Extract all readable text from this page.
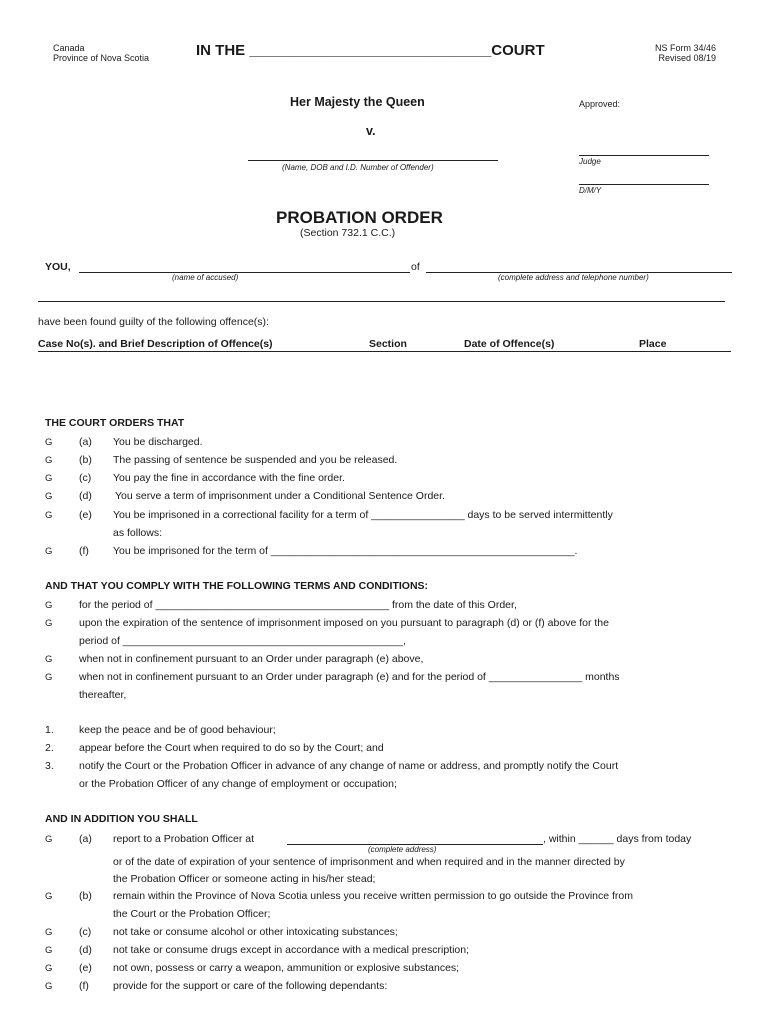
Canada
Province of Nova Scotia	IN THE _____________________________COURT	NS Form 34/46
Revised 08/19
Her Majesty the Queen
v.
(Name, DOB and I.D. Number of Offender)
Approved:
Judge
D/M/Y
PROBATION ORDER
(Section 732.1 C.C.)
YOU,	of
(name of accused)	(complete address and telephone number)
have been found guilty of the following offence(s):
Case No(s). and Brief Description of Offence(s)	Section	Date of Offence(s)	Place
THE COURT ORDERS THAT
G	(a) You be discharged.
G	(b) The passing of sentence be suspended and you be released.
G	(c) You pay the fine in accordance with the fine order.
G	(d) You serve a term of imprisonment under a Conditional Sentence Order.
G	(e) You be imprisoned in a correctional facility for a term of ________________ days to be served intermittently
as follows:
G	(f) You be imprisoned for the term of ____________________________________________________.
AND THAT YOU COMPLY WITH THE FOLLOWING TERMS AND CONDITIONS:
G	for the period of ________________________________________ from the date of this Order,
G	upon the expiration of the sentence of imprisonment imposed on you pursuant to paragraph (d) or (f) above for the
period of ________________________________________________,
G	when not in confinement pursuant to an Order under paragraph (e) above,
G	when not in confinement pursuant to an Order under paragraph (e) and for the period of ________________ months
thereafter,
1. keep the peace and be of good behaviour;
2. appear before the Court when required to do so by the Court; and
3. notify the Court or the Probation Officer in advance of any change of name or address, and promptly notify the Court
or the Probation Officer of any change of employment or occupation;
AND IN ADDITION YOU SHALL
G	(a) report to a Probation Officer at	, within ______ days from today
(complete address)
or of the date of expiration of your sentence of imprisonment and when required and in the manner directed by
the Probation Officer or someone acting in his/her stead;
G	(b) remain within the Province of Nova Scotia unless you receive written permission to go outside the Province from
the Court or the Probation Officer;
G	(c) not take or consume alcohol or other intoxicating substances;
G	(d) not take or consume drugs except in accordance with a medical prescription;
G	(e) not own, possess or carry a weapon, ammunition or explosive substances;
G	(f) provide for the support or care of the following dependants:
